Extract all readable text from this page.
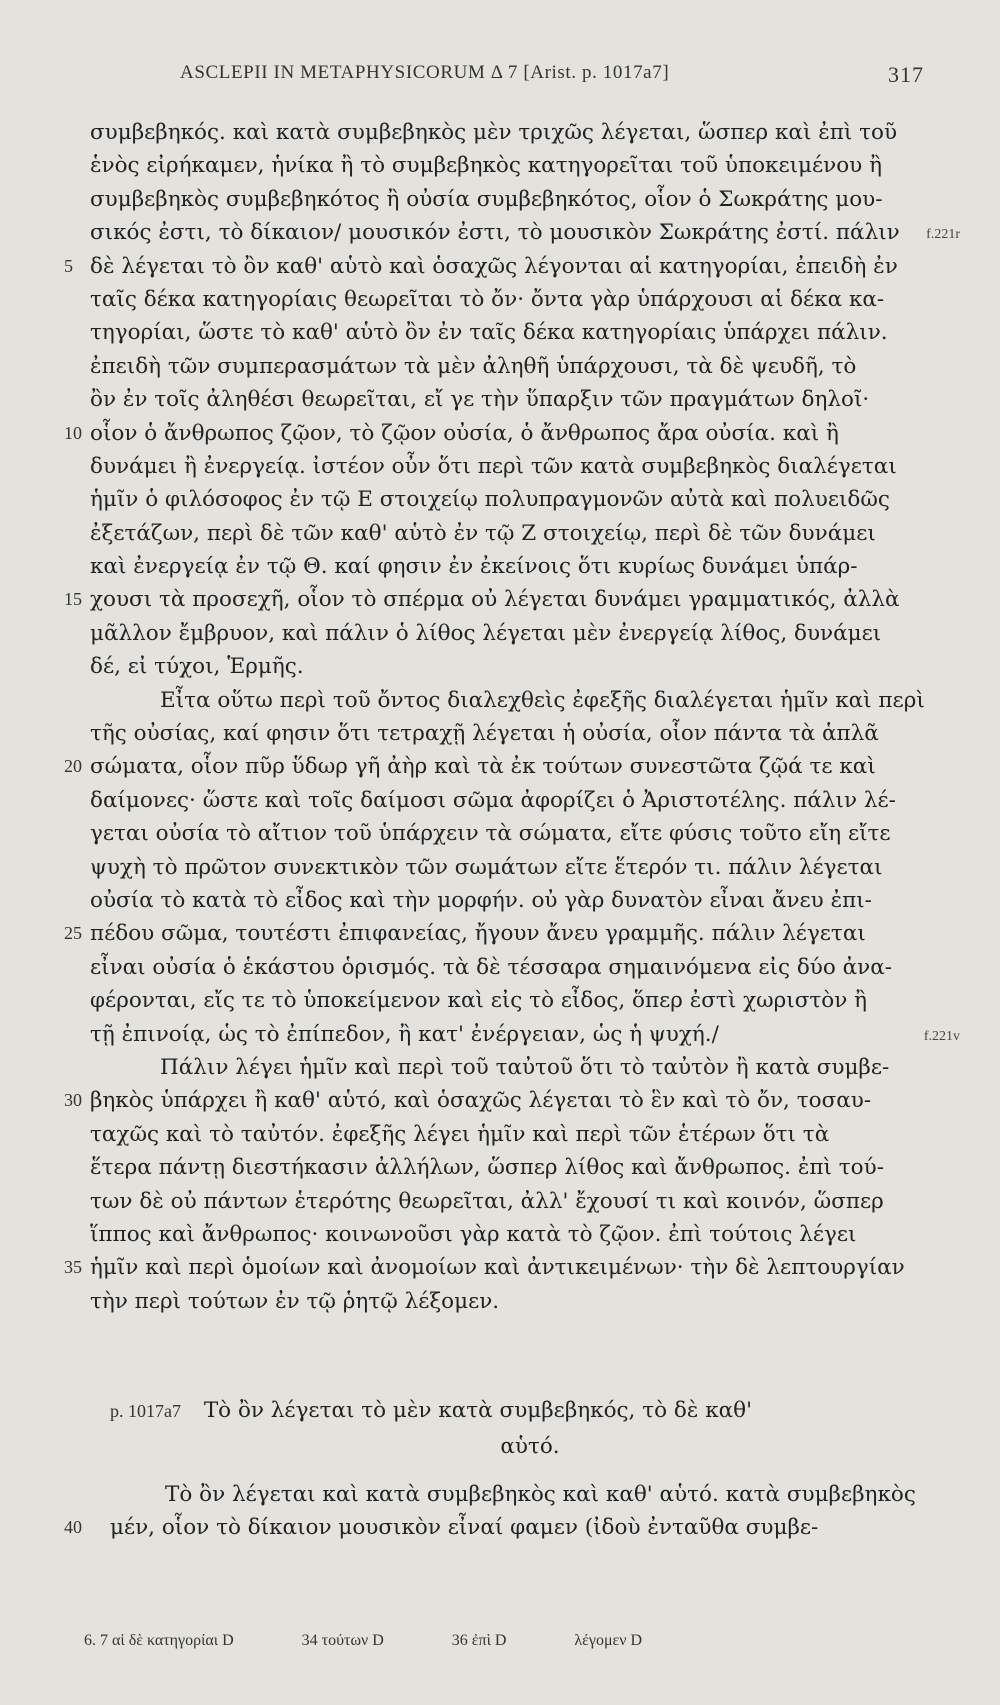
ASCLEPII IN METAPHYSICORUM Δ 7 [Arist. p. 1017a7]	317
συμβεβηκός. καὶ κατὰ συμβεβηκὸς μὲν τριχῶς λέγεται, ὥσπερ καὶ ἐπὶ τοῦ
ἑνὸς εἰρήκαμεν, ἡνίκα ἢ τὸ συμβεβηκὸς κατηγορεῖται τοῦ ὑποκειμένου ἢ
συμβεβηκὸς συμβεβηκότος ἢ οὐσία συμβεβηκότος, οἷον ὁ Σωκράτης μου-
σικός ἐστι, τὸ δίκαιον/ μουσικόν ἐστι, τὸ μουσικὸν Σωκράτης ἐστί. πάλιν f.221r
5 δὲ λέγεται τὸ ὂν καθ' αὑτὸ καὶ ὁσαχῶς λέγονται αἱ κατηγορίαι, ἐπειδὴ ἐν
ταῖς δέκα κατηγορίαις θεωρεῖται τὸ ὄν· ὄντα γὰρ ὑπάρχουσι αἱ δέκα κα-
τηγορίαι, ὥστε τὸ καθ' αὑτὸ ὂν ἐν ταῖς δέκα κατηγορίαις ὑπάρχει πάλιν.
ἐπειδὴ τῶν συμπερασμάτων τὰ μὲν ἀληθῆ ὑπάρχουσι, τὰ δὲ ψευδῆ, τὸ
ὂν ἐν τοῖς ἀληθέσι θεωρεῖται, εἴ γε τὴν ὕπαρξιν τῶν πραγμάτων δηλοῖ·
10 οἷον ὁ ἄνθρωπος ζῷον, τὸ ζῷον οὐσία, ὁ ἄνθρωπος ἄρα οὐσία. καὶ ἢ
δυνάμει ἢ ἐνεργείᾳ. ἰστέον οὖν ὅτι περὶ τῶν κατὰ συμβεβηκὸς διαλέγεται
ἡμῖν ὁ φιλόσοφος ἐν τῷ Ε στοιχείῳ πολυπραγμονῶν αὐτὰ καὶ πολυειδῶς
ἐξετάζων, περὶ δὲ τῶν καθ' αὑτὸ ἐν τῷ Ζ στοιχείῳ, περὶ δὲ τῶν δυνάμει
καὶ ἐνεργείᾳ ἐν τῷ Θ. καί φησιν ἐν ἐκείνοις ὅτι κυρίως δυνάμει ὑπάρ-
15 χουσι τὰ προσεχῆ, οἷον τὸ σπέρμα οὐ λέγεται δυνάμει γραμματικός, ἀλλὰ
μᾶλλον ἔμβρυον, καὶ πάλιν ὁ λίθος λέγεται μὲν ἐνεργείᾳ λίθος, δυνάμει
δέ, εἰ τύχοι, Ἑρμῆς.
Εἶτα οὕτω περὶ τοῦ ὄντος διαλεχθεὶς ἐφεξῆς διαλέγεται ἡμῖν καὶ περὶ
τῆς οὐσίας, καί φησιν ὅτι τετραχῇ λέγεται ἡ οὐσία, οἷον πάντα τὰ ἁπλᾶ
20 σώματα, οἷον πῦρ ὕδωρ γῆ ἀὴρ καὶ τὰ ἐκ τούτων συνεστῶτα ζῷά τε καὶ
δαίμονες· ὥστε καὶ τοῖς δαίμοσι σῶμα ἀφορίζει ὁ Ἀριστοτέλης. πάλιν λέ-
γεται οὐσία τὸ αἴτιον τοῦ ὑπάρχειν τὰ σώματα, εἴτε φύσις τοῦτο εἴη εἴτε
ψυχὴ τὸ πρῶτον συνεκτικὸν τῶν σωμάτων εἴτε ἕτερόν τι. πάλιν λέγεται
οὐσία τὸ κατὰ τὸ εἶδος καὶ τὴν μορφήν. οὐ γὰρ δυνατὸν εἶναι ἄνευ ἐπι-
25 πέδου σῶμα, τουτέστι ἐπιφανείας, ἤγουν ἄνευ γραμμῆς. πάλιν λέγεται
εἶναι οὐσία ὁ ἑκάστου ὁρισμός. τὰ δὲ τέσσαρα σημαινόμενα εἰς δύο ἀνα-
φέρονται, εἴς τε τὸ ὑποκείμενον καὶ εἰς τὸ εἶδος, ὅπερ ἐστὶ χωριστὸν ἢ
τῇ ἐπινοίᾳ, ὡς τὸ ἐπίπεδον, ἢ κατ' ἐνέργειαν, ὡς ἡ ψυχή./	f.221v
Πάλιν λέγει ἡμῖν καὶ περὶ τοῦ ταὐτοῦ ὅτι τὸ ταὐτὸν ἢ κατὰ συμβε-
30 βηκὸς ὑπάρχει ἢ καθ' αὑτό, καὶ ὁσαχῶς λέγεται τὸ ἓν καὶ τὸ ὄν, τοσαυ-
ταχῶς καὶ τὸ ταὐτόν. ἐφεξῆς λέγει ἡμῖν καὶ περὶ τῶν ἑτέρων ὅτι τὰ
ἕτερα πάντῃ διεστήκασιν ἀλλήλων, ὥσπερ λίθος καὶ ἄνθρωπος. ἐπὶ τού-
των δὲ οὐ πάντων ἑτερότης θεωρεῖται, ἀλλ' ἔχουσί τι καὶ κοινόν, ὥσπερ
ἵππος καὶ ἄνθρωπος· κοινωνοῦσι γὰρ κατὰ τὸ ζῷον. ἐπὶ τούτοις λέγει
35 ἡμῖν καὶ περὶ ὁμοίων καὶ ἀνομοίων καὶ ἀντικειμένων· τὴν δὲ λεπτουργίαν
τὴν περὶ τούτων ἐν τῷ ῥητῷ λέξομεν.
p. 1017a7 Τὸ ὂν λέγεται τὸ μὲν κατὰ συμβεβηκός, τὸ δὲ καθ'
αὑτό.
Τὸ ὂν λέγεται καὶ κατὰ συμβεβηκὸς καὶ καθ' αὑτό. κατὰ συμβεβηκὸς
40 μέν, οἷον τὸ δίκαιον μουσικὸν εἶναί φαμεν (ἰδοὺ ἐνταῦθα συμβε-
6. 7 αἱ δὲ κατηγορίαι D	34 τούτων D	36 ἐπὶ D	λέγομεν D
